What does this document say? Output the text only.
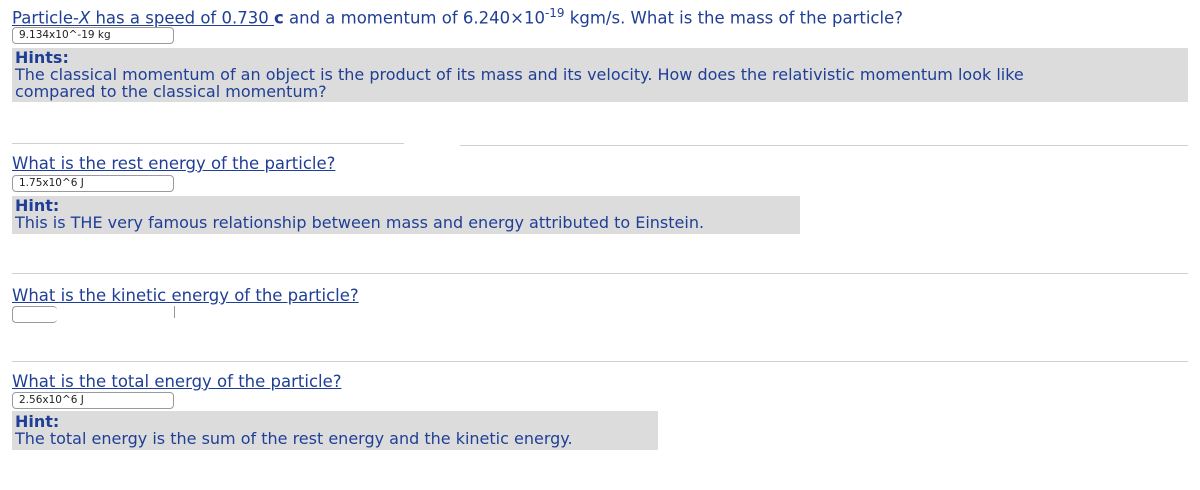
Particle-X has a speed of 0.730 c and a momentum of $6.240\times 10^{-19}$ kgm/s. What is the mass of the particle?
9.134x10^-19 kg
Hints:
The classical momentum of an object is the product of its mass and its velocity. How does the relativistic momentum look like
compared to the classical momentum?
What is the rest energy of the particle?
1.75x10^6 J
Hint:
This is THE very famous relationship between mass and energy attributed to Einstein.
What is the kinetic energy of the particle?
What is the total energy of the particle?
2.56x10^6 J
Hint:
The total energy is the sum of the rest energy and the kinetic energy.
